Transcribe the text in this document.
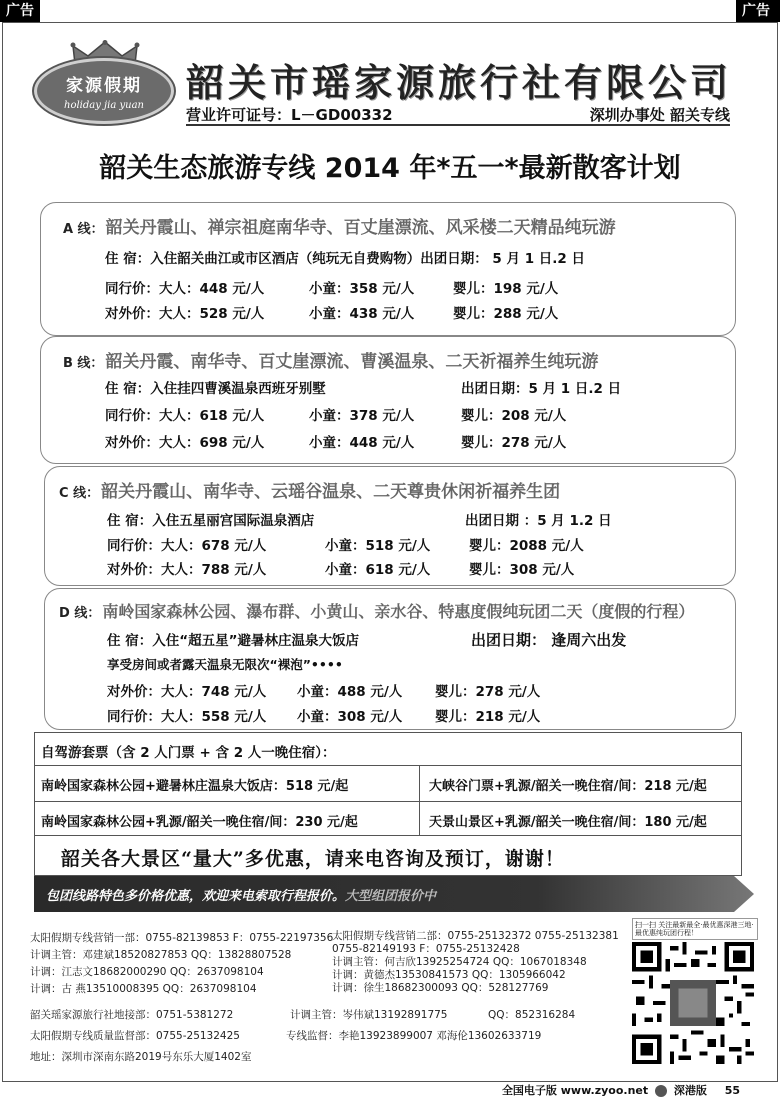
广告	广告
家源假期
holiday jia yuan
韶关市瑶家源旅行社有限公司
营业许可证号：L－GD00332	深圳办事处 韶关专线
韶关生态旅游专线 2014 年*五一*最新散客计划
A 线： 韶关丹霞山、禅宗祖庭南华寺、百丈崖漂流、风采楼二天精品纯玩游
住 宿：入住韶关曲江或市区酒店（纯玩无自费购物）出团日期： 5 月 1 日.2 日
同行价：大人：448 元/人	小童：358 元/人	婴儿：198 元/人
对外价：大人：528 元/人	小童：438 元/人	婴儿：288 元/人
B 线： 韶关丹霞、南华寺、百丈崖漂流、曹溪温泉、二天祈福养生纯玩游
住 宿：入住挂四曹溪温泉西班牙别墅	出团日期：5 月 1 日.2 日
同行价：大人：618 元/人	小童：378 元/人	婴儿：208 元/人
对外价：大人：698 元/人	小童：448 元/人	婴儿：278 元/人
C 线： 韶关丹霞山、南华寺、云瑶谷温泉、二天尊贵休闲祈福养生团
住 宿：入住五星丽宫国际温泉酒店	出团日期 ：5 月 1.2 日
同行价：大人：678 元/人	小童：518 元/人	婴儿：2088 元/人
对外价：大人：788 元/人	小童：618 元/人	婴儿：308 元/人
D 线： 南岭国家森林公园、瀑布群、小黄山、亲水谷、特惠度假纯玩团二天（度假的行程）
住 宿：入住“超五星”避暑林庄温泉大饭店	出团日期： 逢周六出发
享受房间或者露天温泉无限次“裸泡”••••
对外价：大人：748 元/人 小童：488 元/人 婴儿：278 元/人
同行价：大人：558 元/人 小童：308 元/人 婴儿：218 元/人
自驾游套票（含 2 人门票 + 含 2 人一晚住宿）：
南岭国家森林公园+避暑林庄温泉大饭店：518 元/起	大峡谷门票+乳源/韶关一晚住宿/间：218 元/起
南岭国家森林公园+乳源/韶关一晚住宿/间：230 元/起	天景山景区+乳源/韶关一晚住宿/间：180 元/起
韶关各大景区“量大”多优惠，请来电咨询及预订，谢谢！
包团线路特色多价格优惠，欢迎来电索取行程报价。大型组团报价中
太阳假期专线营销一部：0755-82139853 F：0755-22197356
计调主管：邓建斌18520827853 QQ：13828807528
计调：江志文18682000290 QQ：2637098104
计调：古 燕13510008395 QQ：2637098104
太阳假期专线营销二部：0755-25132372 0755-25132381
0755-82149193 F：0755-25132428
计调主管：何吉欣13925254724 QQ：1067018348
计调：黄德杰13530841573 QQ：1305966042
计调：徐生18682300093 QQ：528127769
韶关瑶家源旅行社地接部：0751-5381272	计调主管：岑伟斌13192891775	QQ：852316284
太阳假期专线质量监督部：0755-25132425	专线监督：李艳13923899007 邓海伦13602633719
地址：深圳市深南东路2019号东乐大厦1402室
扫一扫 关注最新最全·最优惠深港三地·最优惠纯玩团行程！
全国电子版 www.zyoo.net 深港版 55
